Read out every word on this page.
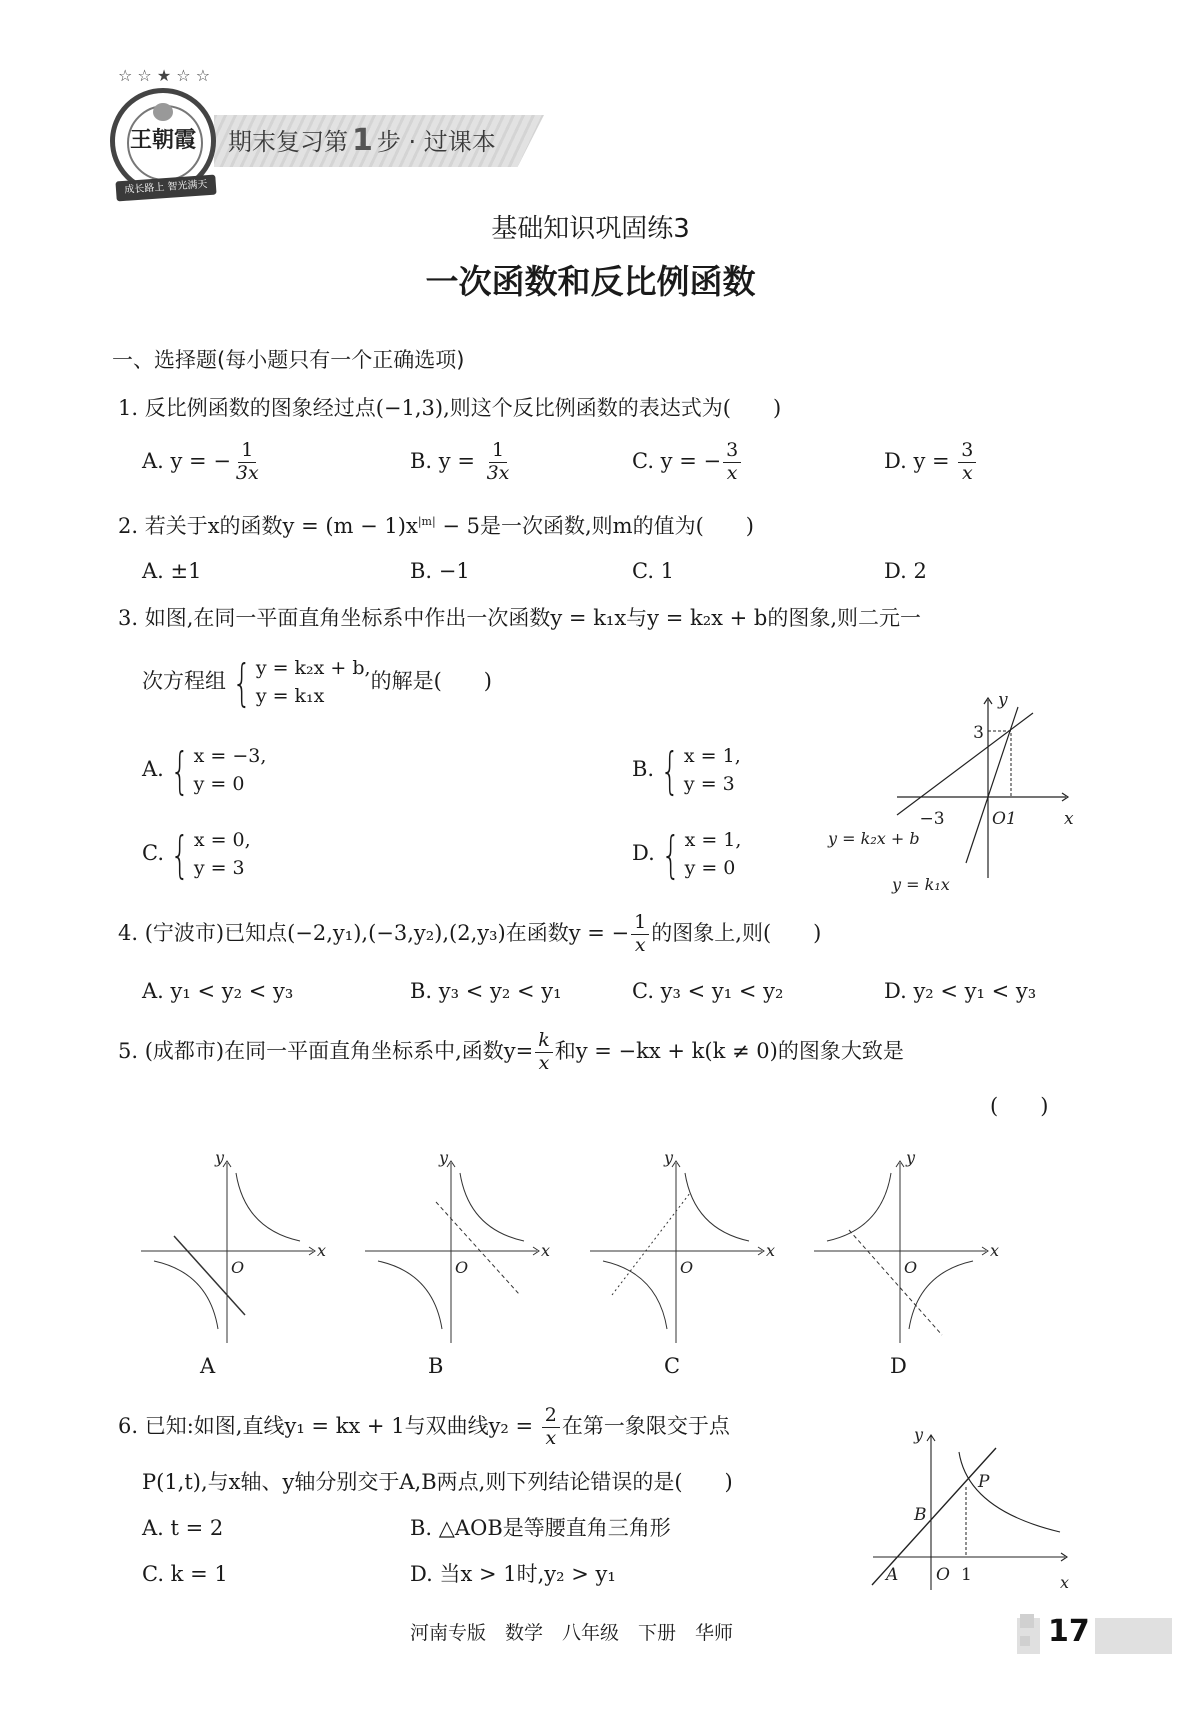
期末复习第 1 步 · 过课本
☆ ☆ ★ ☆ ☆
王朝霞
成长路上 智光满天
基础知识巩固练3
一次函数和反比例函数
一、选择题(每小题只有一个正确选项)
1. 反比例函数的图象经过点(−1,3),则这个反比例函数的表达式为(　　)
A. y = − $\frac{1}{3x}$	B. $y = \frac{1}{3x}$	C. y = − $\frac{3}{x}$	D. $y = \frac{3}{x}$
2. 若关于x的函数$y = (m - 1)x^{|m|} - 5$是一次函数,则m的值为(　　)
A. ±1	B. −1	C. 1	D. 2
3. 如图,在同一平面直角坐标系中作出一次函数y = k₁x与y = k₂x + b的图象,则二元一
次方程组 { y = k₂x + b,
y = k₁x
的解是(　　)
A. { x = −3,
y = 0
B. { x = 1,
y = 3
C. { x = 0,
y = 3
D. { x = 1,
y = 0
y
x
3
−3	O1
y = k₂x + b
y = k₁x
4. (宁波市)已知点(−2,y₁),(−3,y₂),(2,y₃)在函数y = − $\frac{1}{x}$ 的图象上,则(　　)
A. y₁ < y₂ < y₃	B. y₃ < y₂ < y₁	C. y₃ < y₁ < y₂	D. y₂ < y₁ < y₃
5. (成都市)在同一平面直角坐标系中,函数$y= \frac{k}{x}$ 和y = −kx + k(k ≠ 0)的图象大致是
(　　)
y
x
O
y
x
O
y
x
O
y
x
O
A	B	C	D
6. 已知:如图,直线y₁ = kx + 1与双曲线$y_2 = \frac{2}{x}$ 在第一象限交于点
P(1,t),与x轴、y轴分别交于A,B两点,则下列结论错误的是(　　)
A. t = 2	B. △AOB是等腰直角三角形
C. k = 1	D. 当x > 1时,y₂ > y₁
y
x
P
B
A O 1
河南专版　数学　八年级　下册　华师	17
